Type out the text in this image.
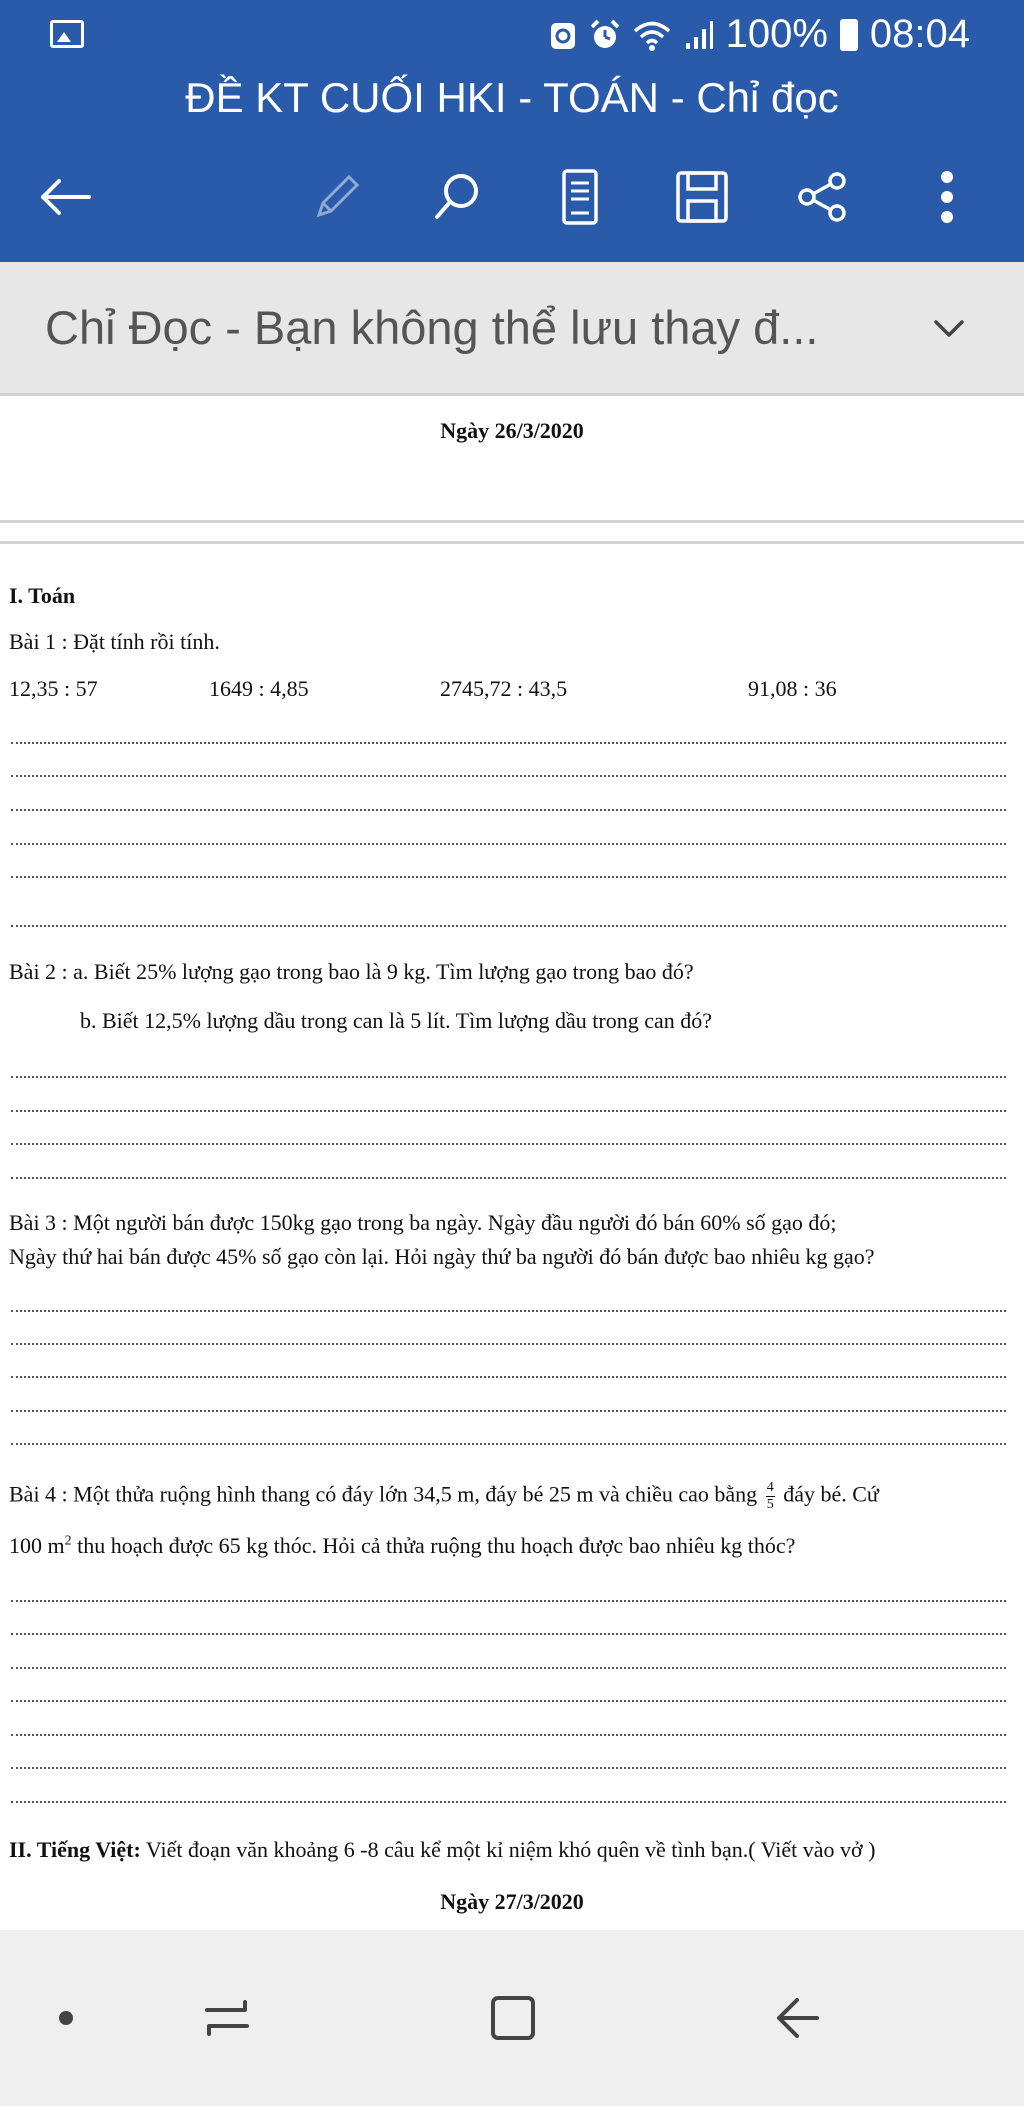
100% 08:04
ĐỀ KT CUỐI HKI - TOÁN - Chỉ đọc
Chỉ Đọc - Bạn không thể lưu thay đ...
Ngày 26/3/2020
I. Toán
Bài 1 : Đặt tính rồi tính.
12,35 : 57	1649 : 4,85	2745,72 : 43,5	91,08 : 36
Bài 2 : a. Biết 25% lượng gạo trong bao là 9 kg. Tìm lượng gạo trong bao đó?
b. Biết 12,5% lượng dầu trong can là 5 lít. Tìm lượng dầu trong can đó?
Bài 3 : Một người bán được 150kg gạo trong ba ngày. Ngày đầu người đó bán 60% số gạo đó;
Ngày thứ hai bán được 45% số gạo còn lại. Hỏi ngày thứ ba người đó bán được bao nhiêu kg gạo?
Bài 4 : Một thửa ruộng hình thang có đáy lớn 34,5 m, đáy bé 25 m và chiều cao bằng $\frac{4}{5}$ đáy bé. Cứ
100 $m^2$ thu hoạch được 65 kg thóc. Hỏi cả thửa ruộng thu hoạch được bao nhiêu kg thóc?
II. Tiếng Việt: Viết đoạn văn khoảng 6 -8 câu kể một kỉ niệm khó quên về tình bạn.( Viết vào vở )
Ngày 27/3/2020
